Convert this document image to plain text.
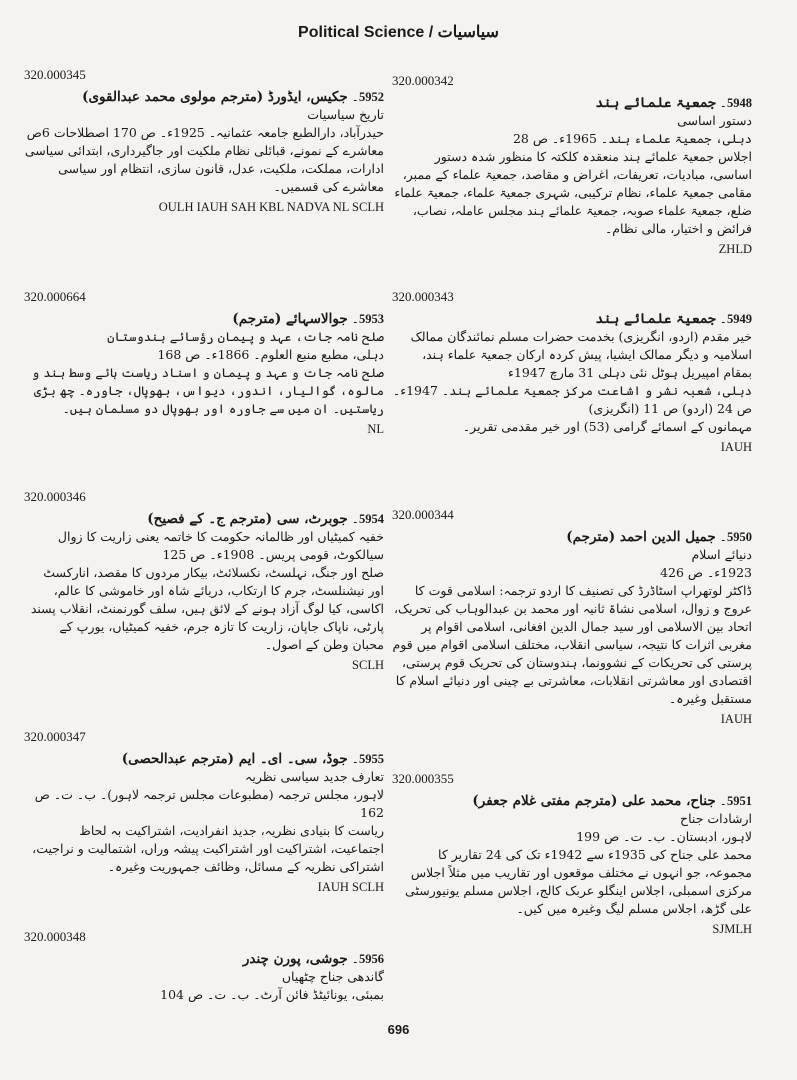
Political Science / سیاسیات
320.000345
5952۔ جکیس، ایڈورڈ (مترجم مولوی محمد عبدالقوی)
تاریخ سیاسیات
حیدرآباد، دارالطبع جامعہ عثمانیہ۔ 1925ء۔ ص 170 اصطلاحات 6ص
معاشرے کے نمونے، قبائلی نظام ملکیت اور جاگیرداری، ابتدائی سیاسی ادارات، مملکت، ملکیت، عدل، قانون سازی، انتظام اور سیاسی معاشرے کی قسمیں۔
OULH IAUH SAH KBL NADVA NL SCLH
320.000664
5953۔ جوالاسہائے (مترجم)
صلح نامہ جات، عہد و پیمان رؤسائے ہندوستان
دہلی، مطبع منبع العلوم۔ 1866ء۔ ص 168
صلح نامہ جات و عہد و پیمان و اسناد ریاست ہائے وسط ہند و مالوہ، گوالیار، اندور، دیواس، بھوپال، جاورہ۔ چھ بڑی ریاستیں۔ ان میں سے جاورہ اور بھوپال دو مسلمان ہیں۔
NL
320.000346
5954۔ جوبرٹ، سی (مترجم ج۔ کے فصیح)
خفیہ کمیٹیاں اور ظالمانہ حکومت کا خاتمہ یعنی زاریت کا زوال
سیالکوٹ، قومی پریس۔ 1908ء۔ ص 125
صلح اور جنگ، نہلسٹ، نکسلائٹ، بیکار مردوں کا مقصد، انارکسٹ اور نیشنلسٹ، جرم کا ارتکاب، دریائے شاہ اور خاموشی کا عالم، اکاسی، کیا لوگ آزاد ہونے کے لائق ہیں، سلف گورنمنٹ، انقلاب پسند پارٹی، ناپاک جاپان، زاریت کا تازہ جرم، خفیہ کمیٹیاں، یورپ کے محبان وطن کے اصول۔
SCLH
320.000347
5955۔ جوڈ، سی۔ ای۔ ایم (مترجم عبدالحصی)
تعارف جدید سیاسی نظریہ
لاہور، مجلس ترجمہ (مطبوعات مجلس ترجمہ لاہور)۔ ب۔ ت۔ ص 162
ریاست کا بنیادی نظریہ، جدید انفرادیت، اشتراکیت بہ لحاظ اجتماعیت، اشتراکیت اور اشتراکیت پیشہ وراں، اشتمالیت و نراجیت، اشتراکی نظریہ کے مسائل، وظائف جمہوریت وغیرہ۔
IAUH SCLH
320.000348
5956۔ جوشی، پورن چندر
گاندھی جناح چٹھیاں
بمبئی، یونائیٹڈ فائن آرٹ۔ ب۔ ت۔ ص 104
320.000342
5948۔ جمعیۃ علمائے ہند
دستور اساسی
دہلی، جمعیۃ علماء ہند۔ 1965ء۔ ص 28
اجلاس جمعیۃ علمائے ہند منعقدہ کلکتہ کا منظور شدہ دستور اساسی، مبادیات، تعریفات، اغراض و مقاصد، جمعیۃ علماء کے ممبر، مقامی جمعیۃ علماء، نظام ترکیبی، شہری جمعیۃ علماء، جمعیۃ علماء ضلع، جمعیۃ علماء صوبہ، جمعیۃ علمائے ہند مجلس عاملہ، نصاب، فرائض و اختیار، مالی نظام۔
ZHLD
320.000343
5949۔ جمعیۃ علمائے ہند
خیر مقدم (اردو، انگریزی) بخدمت حضرات مسلم نمائندگان ممالک اسلامیہ و دیگر ممالک ایشیا، پیش کردہ ارکان جمعیۃ علماء ہند، بمقام امپیریل ہوٹل نئی دہلی 31 مارچ 1947ء
دہلی، شعبہ نشر و اشاعت مرکز جمعیۃ علمائے ہند۔ 1947ء۔ ص 24 (اردو) ص 11 (انگریزی)
مہمانوں کے اسمائے گرامی (53) اور خیر مقدمی تقریر۔
IAUH
320.000344
5950۔ جمیل الدین احمد (مترجم)
دنیائے اسلام
1923ء۔ ص 426
ڈاکٹر لوتھراپ اسٹاڈرڈ کی تصنیف کا اردو ترجمہ: اسلامی قوت کا عروج و زوال، اسلامی نشاۃ ثانیہ اور محمد بن عبدالوہاب کی تحریک، اتحاد بین الاسلامی اور سید جمال الدین افغانی، اسلامی اقوام پر مغربی اثرات کا نتیجہ، سیاسی انقلاب، مختلف اسلامی اقوام میں قوم پرستی کی تحریکات کے نشوونما، ہندوستان کی تحریک قوم پرستی، اقتصادی اور معاشرتی انقلابات، معاشرتی بے چینی اور دنیائے اسلام کا مستقبل وغیرہ۔
IAUH
320.000355
5951۔ جناح، محمد علی (مترجم مفتی غلام جعفر)
ارشادات جناح
لاہور، ادبستان۔ ب۔ ت۔ ص 199
محمد علی جناح کی 1935ء سے 1942ء تک کی 24 تقاریر کا مجموعہ، جو انہوں نے مختلف موقعوں اور تقاریب میں مثلاً اجلاس مرکزی اسمبلی، اجلاس اینگلو عربک کالج، اجلاس مسلم یونیورسٹی علی گڑھ، اجلاس مسلم لیگ وغیرہ میں کیں۔
SJMLH
696
